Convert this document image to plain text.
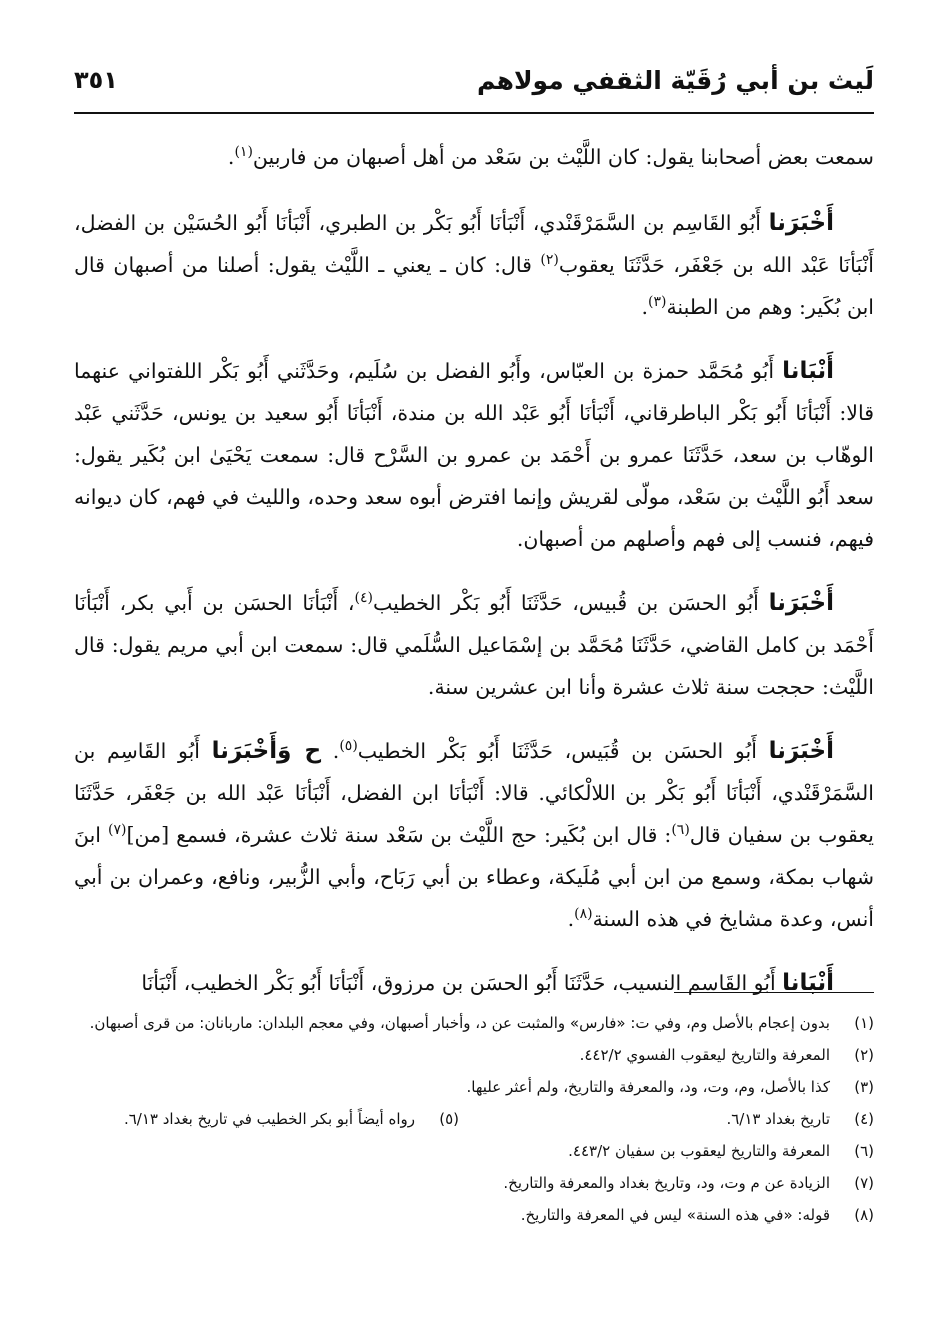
لَيث بن أبي رُقَيّة الثقفي مولاهم
٣٥١

سمعت بعض أصحابنا يقول: كان اللَّيْث بن سَعْد من أهل أصبهان من فاربين$^{(١)}$.

أَخْبَرَنا أَبُو القَاسِم بن السَّمَرْقَنْدي، أَنْبَأنَا أَبُو بَكْر بن الطبري، أَنْبَأنَا أَبُو الحُسَيْن بن الفضل، أَنْبَأنَا عَبْد الله بن جَعْفَر، حَدَّثَنَا يعقوب$^{(٢)}$ قال: كان ـ يعني ـ اللَّيْث يقول: أصلنا من أصبهان قال ابن بُكَير: وهم من الطبنة$^{(٣)}$.

أَنْبَانا أَبُو مُحَمَّد حمزة بن العبّاس، وأَبُو الفضل بن سُلَيم، وحَدَّثَني أَبُو بَكْر اللفتواني عنهما قالا: أَنْبَأنَا أَبُو بَكْر الباطرقاني، أَنْبَأنَا أَبُو عَبْد الله بن مندة، أَنْبَأنَا أَبُو سعيد بن يونس، حَدَّثَني عَبْد الوهّاب بن سعد، حَدَّثَنَا عمرو بن أَحْمَد بن عمرو بن السَّرْح قال: سمعت يَحْيَىٰ ابن بُكَير يقول: سعد أَبُو اللَّيْث بن سَعْد، مولّى لقريش وإنما افترض أبوه سعد وحده، والليث في فهم، كان ديوانه فيهم، فنسب إلى فهم وأصلهم من أصبهان.

أَخْبَرَنا أَبُو الحسَن بن قُبيس، حَدَّثَنَا أَبُو بَكْر الخطيب$^{(٤)}$، أَنْبَأنَا الحسَن بن أَبي بكر، أَنْبَأنَا أَحْمَد بن كامل القاضي، حَدَّثَنَا مُحَمَّد بن إسْمَاعيل السُّلَمي قال: سمعت ابن أبي مريم يقول: قال اللَّيْث: حججت سنة ثلاث عشرة وأنا ابن عشرين سنة.

أَخْبَرَنا أَبُو الحسَن بن قُبَيس، حَدَّثَنَا أَبُو بَكْر الخطيب$^{(٥)}$. ح وَأَخْبَرَنا أَبُو القَاسِم بن السَّمَرْقَنْدي، أَنْبَأنَا أَبُو بَكْر بن اللالْكائي. قالا: أَنْبَأنَا ابن الفضل، أَنْبَأنَا عَبْد الله بن جَعْفَر، حَدَّثَنَا يعقوب بن سفيان قال$^{(٦)}$: قال ابن بُكَير: حج اللَّيْث بن سَعْد سنة ثلاث عشرة، فسمع [من]$^{(٧)}$ ابنَ شهاب بمكة، وسمع من ابن أبي مُلَيكة، وعطاء بن أبي رَبَاح، وأبي الزُّبير، ونافع، وعمران بن أبي أنس، وعدة مشايخ في هذه السنة$^{(٨)}$.

أَنْبَانا أَبُو القَاسم النسيب، حَدَّثَنَا أَبُو الحسَن بن مرزوق، أَنْبَأنَا أَبُو بَكْر الخطيب، أَنْبَأنَا

(١)
بدون إعجام بالأصل وم، وفي ت: «فارس» والمثبت عن د، وأخبار أصبهان، وفي معجم البلدان: ماربانان: من قرى أصبهان.
(٢)
المعرفة والتاريخ ليعقوب الفسوي ٤٤٢/٢.
(٣)
كذا بالأصل، وم، وت، ود، والمعرفة والتاريخ، ولم أعثر عليها.
(٤)
تاريخ بغداد ٦/١٣.
(٥)
رواه أيضاً أبو بكر الخطيب في تاريخ بغداد ٦/١٣.
(٦)
المعرفة والتاريخ ليعقوب بن سفيان ٤٤٣/٢.
(٧)
الزيادة عن م وت، ود، وتاريخ بغداد والمعرفة والتاريخ.
(٨)
قوله: «في هذه السنة» ليس في المعرفة والتاريخ.
